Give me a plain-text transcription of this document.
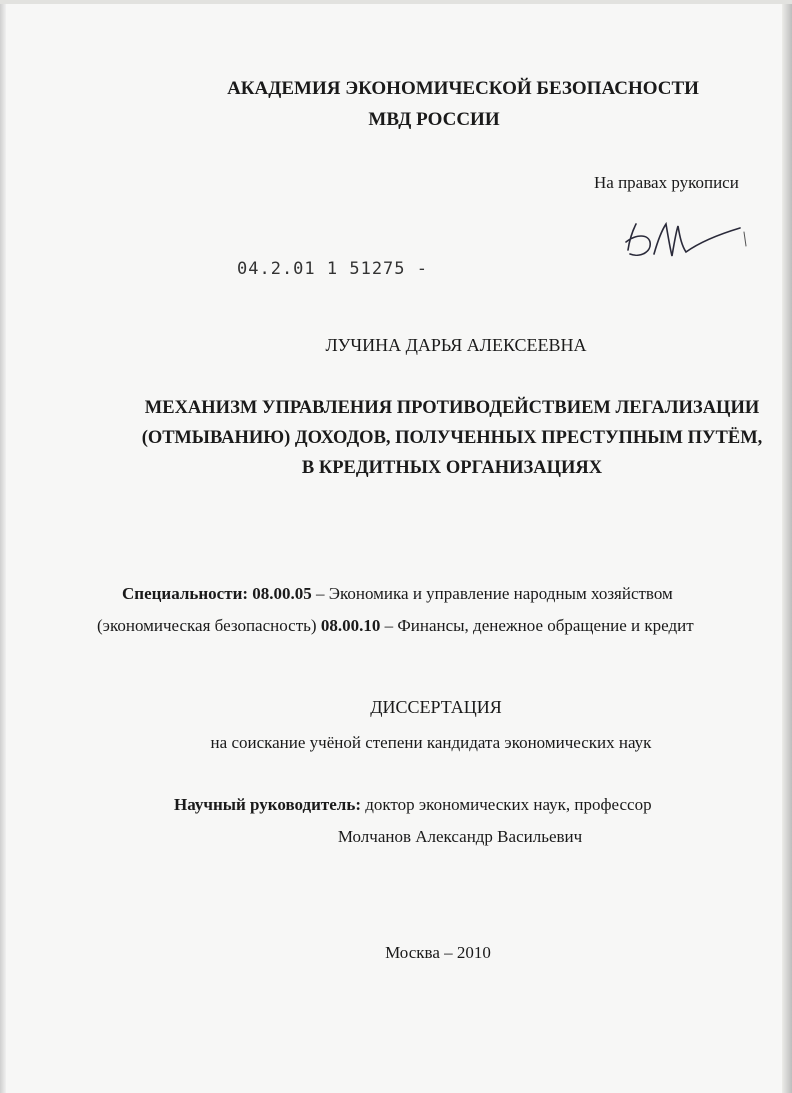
АКАДЕМИЯ ЭКОНОМИЧЕСКОЙ БЕЗОПАСНОСТИ
МВД РОССИИ
На правах рукописи
04.2.01 1 51275 -
ЛУЧИНА ДАРЬЯ АЛЕКСЕЕВНА
МЕХАНИЗМ УПРАВЛЕНИЯ ПРОТИВОДЕЙСТВИЕМ ЛЕГАЛИЗАЦИИ
(ОТМЫВАНИЮ) ДОХОДОВ, ПОЛУЧЕННЫХ ПРЕСТУПНЫМ ПУТЁМ,
В КРЕДИТНЫХ ОРГАНИЗАЦИЯХ
Специальности: 08.00.05 – Экономика и управление народным хозяйством
(экономическая безопасность) 08.00.10 – Финансы, денежное обращение и кредит
ДИССЕРТАЦИЯ
на соискание учёной степени кандидата экономических наук
Научный руководитель: доктор экономических наук, профессор
Молчанов Александр Васильевич
Москва – 2010
